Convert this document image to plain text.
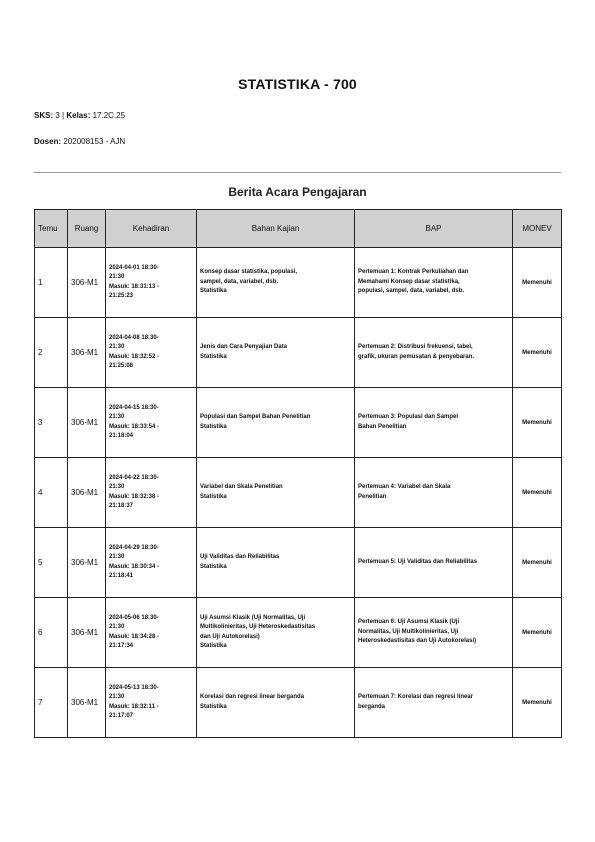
STATISTIKA - 700
SKS: 3 | Kelas: 17.2C.25
Dosen: 202008153 - AJN
Berita Acara Pengajaran
Temu	Ruang	Kehadiran	Bahan Kajian	BAP	MONEV
1	306-M1	2024-04-01 18:30-
21:30
Masuk: 18:31:13 -
21:25:23	Konsep dasar statistika, populasi,
sampel, data, variabel, dsb.
Statistika	Pertemuan 1: Kontrak Perkuliahan dan
Memahami Konsep dasar statistika,
populasi, sampel, data, variabel, dsb.	Memenuhi
2	306-M1	2024-04-08 18:30-
21:30
Masuk: 18:32:52 -
21:25:08	Jenis dan Cara Penyajian Data
Statistika	Pertemuan 2: Distribusi frekuensi, tabel,
grafik, ukuran pemusatan & penyebaran.	Memenuhi
3	306-M1	2024-04-15 18:30-
21:30
Masuk: 18:33:54 -
21:18:04	Populasi dan Sampel Bahan Penelitian
Statistika	Pertemuan 3: Populasi dan Sampel
Bahan Penelitian	Memenuhi
4	306-M1	2024-04-22 18:30-
21:30
Masuk: 18:32:38 -
21:18:37	Variabel dan Skala Penelitian
Statistika	Pertemuan 4: Variabel dan Skala
Penelitian	Memenuhi
5	306-M1	2024-04-29 18:30-
21:30
Masuk: 18:30:34 -
21:18:41	Uji Validitas dan Reliabilitas
Statistika	Pertemuan 5: Uji Validitas dan Reliabilitas	Memenuhi
6	306-M1	2024-05-06 18:30-
21:30
Masuk: 18:34:28 -
21:17:34	Uji Asumsi Klasik (Uji Normalitas, Uji
Multikolinieritas, Uji Heteroskedastisitas
dan Uji Autokorelasi)
Statistika	Pertemuan 6: Uji Asumsi Klasik (Uji
Normalitas, Uji Multikolinieritas, Uji
Heteroskedastisitas dan Uji Autokorelasi)	Memenuhi
7	306-M1	2024-05-13 18:30-
21:30
Masuk: 18:32:11 -
21:17:07	Korelasi dan regresi linear berganda
Statistika	Pertemuan 7: Korelasi dan regresi linear
berganda	Memenuhi
